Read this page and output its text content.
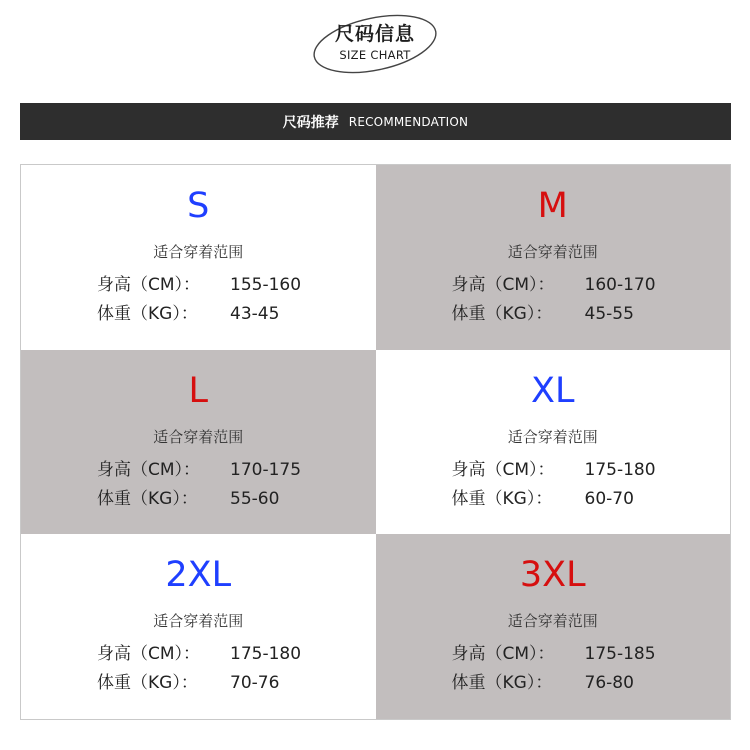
尺码信息
SIZE CHART
尺码推荐 RECOMMENDATION
S
适合穿着范围
身高（CM）： 155-160
体重（KG）： 43-45
M
适合穿着范围
身高（CM）： 160-170
体重（KG）： 45-55
L
适合穿着范围
身高（CM）： 170-175
体重（KG）： 55-60
XL
适合穿着范围
身高（CM）： 175-180
体重（KG）： 60-70
2XL
适合穿着范围
身高（CM）： 175-180
体重（KG）： 70-76
3XL
适合穿着范围
身高（CM）： 175-185
体重（KG）： 76-80
